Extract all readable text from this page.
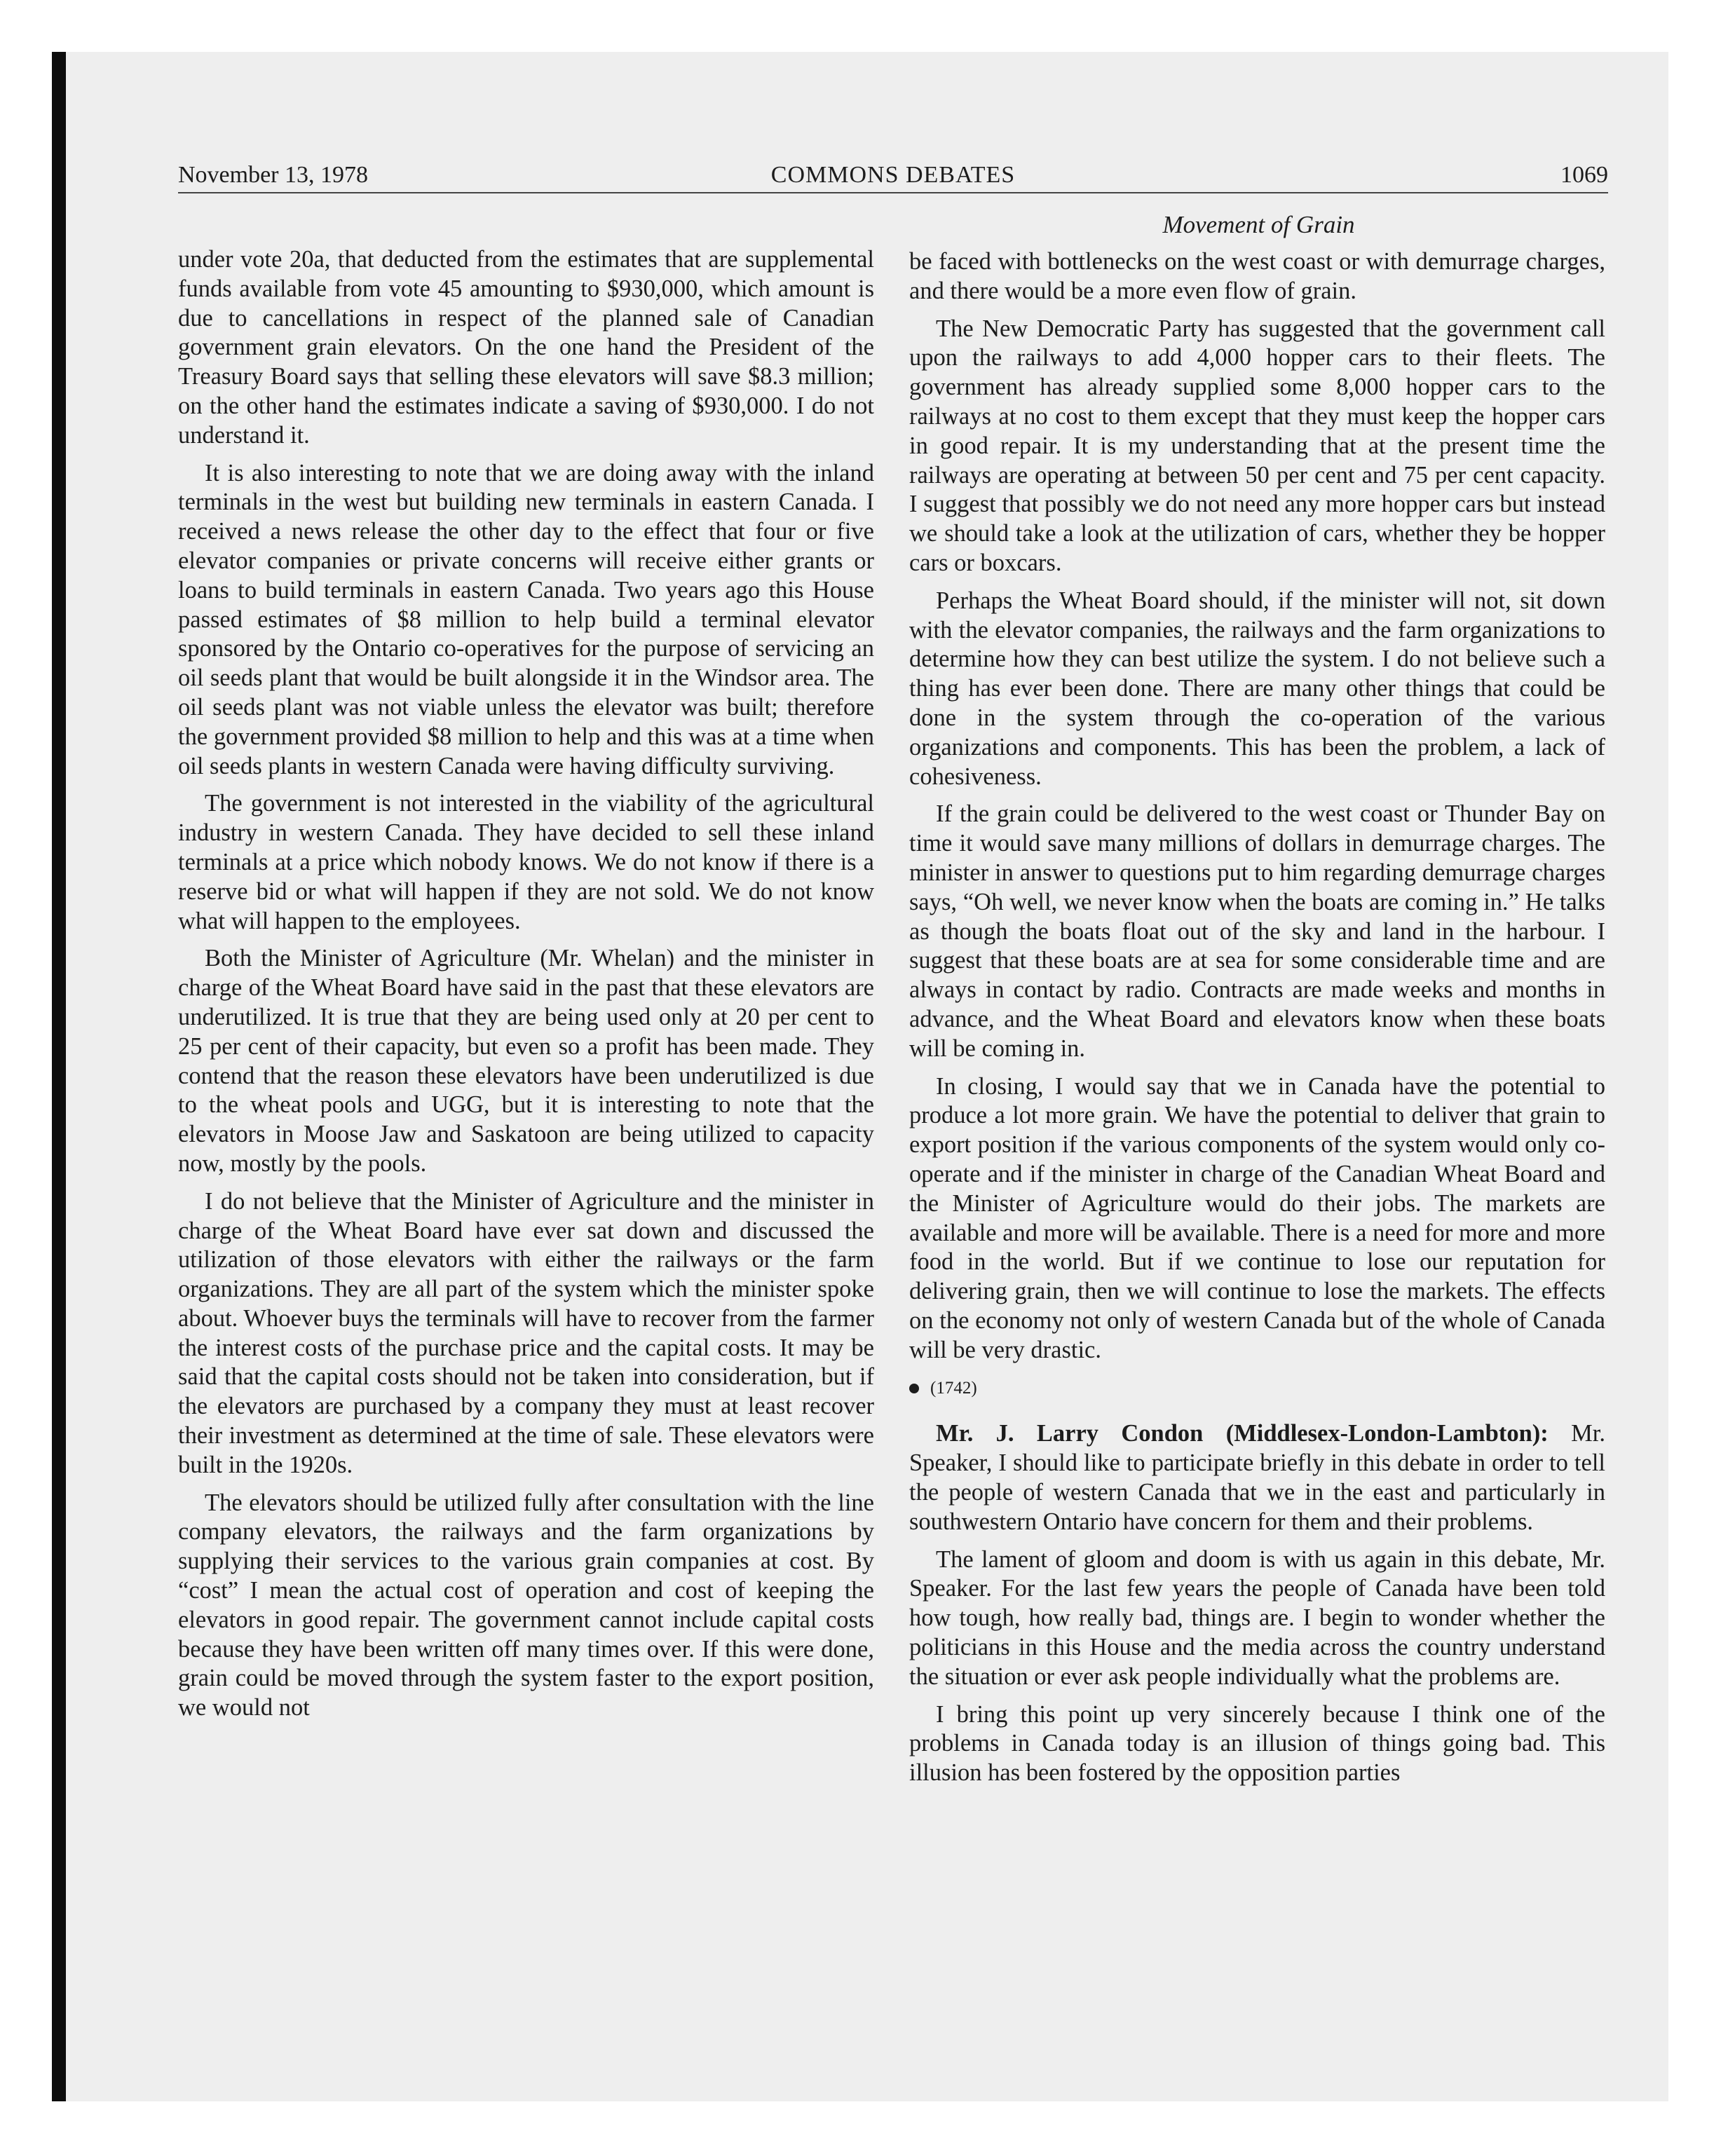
November 13, 1978	COMMONS DEBATES	1069
Movement of Grain

under vote 20a, that deducted from the estimates that are supplemental funds available from vote 45 amounting to $930,000, which amount is due to cancellations in respect of the planned sale of Canadian government grain elevators. On the one hand the President of the Treasury Board says that selling these elevators will save $8.3 million; on the other hand the estimates indicate a saving of $930,000. I do not understand it.

It is also interesting to note that we are doing away with the inland terminals in the west but building new terminals in eastern Canada. I received a news release the other day to the effect that four or five elevator companies or private concerns will receive either grants or loans to build terminals in eastern Canada. Two years ago this House passed estimates of $8 million to help build a terminal elevator sponsored by the Ontario co-operatives for the purpose of servicing an oil seeds plant that would be built alongside it in the Windsor area. The oil seeds plant was not viable unless the elevator was built; therefore the government provided $8 million to help and this was at a time when oil seeds plants in western Canada were having difficulty surviving.

The government is not interested in the viability of the agricultural industry in western Canada. They have decided to sell these inland terminals at a price which nobody knows. We do not know if there is a reserve bid or what will happen if they are not sold. We do not know what will happen to the employees.

Both the Minister of Agriculture (Mr. Whelan) and the minister in charge of the Wheat Board have said in the past that these elevators are underutilized. It is true that they are being used only at 20 per cent to 25 per cent of their capacity, but even so a profit has been made. They contend that the reason these elevators have been underutilized is due to the wheat pools and UGG, but it is interesting to note that the elevators in Moose Jaw and Saskatoon are being utilized to capacity now, mostly by the pools.

I do not believe that the Minister of Agriculture and the minister in charge of the Wheat Board have ever sat down and discussed the utilization of those elevators with either the railways or the farm organizations. They are all part of the system which the minister spoke about. Whoever buys the terminals will have to recover from the farmer the interest costs of the purchase price and the capital costs. It may be said that the capital costs should not be taken into consideration, but if the elevators are purchased by a company they must at least recover their investment as determined at the time of sale. These elevators were built in the 1920s.

The elevators should be utilized fully after consultation with the line company elevators, the railways and the farm organizations by supplying their services to the various grain companies at cost. By “cost” I mean the actual cost of operation and cost of keeping the elevators in good repair. The government cannot include capital costs because they have been written off many times over. If this were done, grain could be moved through the system faster to the export position, we would not

be faced with bottlenecks on the west coast or with demurrage charges, and there would be a more even flow of grain.

The New Democratic Party has suggested that the government call upon the railways to add 4,000 hopper cars to their fleets. The government has already supplied some 8,000 hopper cars to the railways at no cost to them except that they must keep the hopper cars in good repair. It is my understanding that at the present time the railways are operating at between 50 per cent and 75 per cent capacity. I suggest that possibly we do not need any more hopper cars but instead we should take a look at the utilization of cars, whether they be hopper cars or boxcars.

Perhaps the Wheat Board should, if the minister will not, sit down with the elevator companies, the railways and the farm organizations to determine how they can best utilize the system. I do not believe such a thing has ever been done. There are many other things that could be done in the system through the co-operation of the various organizations and components. This has been the problem, a lack of cohesiveness.

If the grain could be delivered to the west coast or Thunder Bay on time it would save many millions of dollars in demurrage charges. The minister in answer to questions put to him regarding demurrage charges says, “Oh well, we never know when the boats are coming in.” He talks as though the boats float out of the sky and land in the harbour. I suggest that these boats are at sea for some considerable time and are always in contact by radio. Contracts are made weeks and months in advance, and the Wheat Board and elevators know when these boats will be coming in.

In closing, I would say that we in Canada have the potential to produce a lot more grain. We have the potential to deliver that grain to export position if the various components of the system would only co-operate and if the minister in charge of the Canadian Wheat Board and the Minister of Agriculture would do their jobs. The markets are available and more will be available. There is a need for more and more food in the world. But if we continue to lose our reputation for delivering grain, then we will continue to lose the markets. The effects on the economy not only of western Canada but of the whole of Canada will be very drastic.

(1742)

Mr. J. Larry Condon (Middlesex-London-Lambton): Mr. Speaker, I should like to participate briefly in this debate in order to tell the people of western Canada that we in the east and particularly in southwestern Ontario have concern for them and their problems.

The lament of gloom and doom is with us again in this debate, Mr. Speaker. For the last few years the people of Canada have been told how tough, how really bad, things are. I begin to wonder whether the politicians in this House and the media across the country understand the situation or ever ask people individually what the problems are.

I bring this point up very sincerely because I think one of the problems in Canada today is an illusion of things going bad. This illusion has been fostered by the opposition parties
